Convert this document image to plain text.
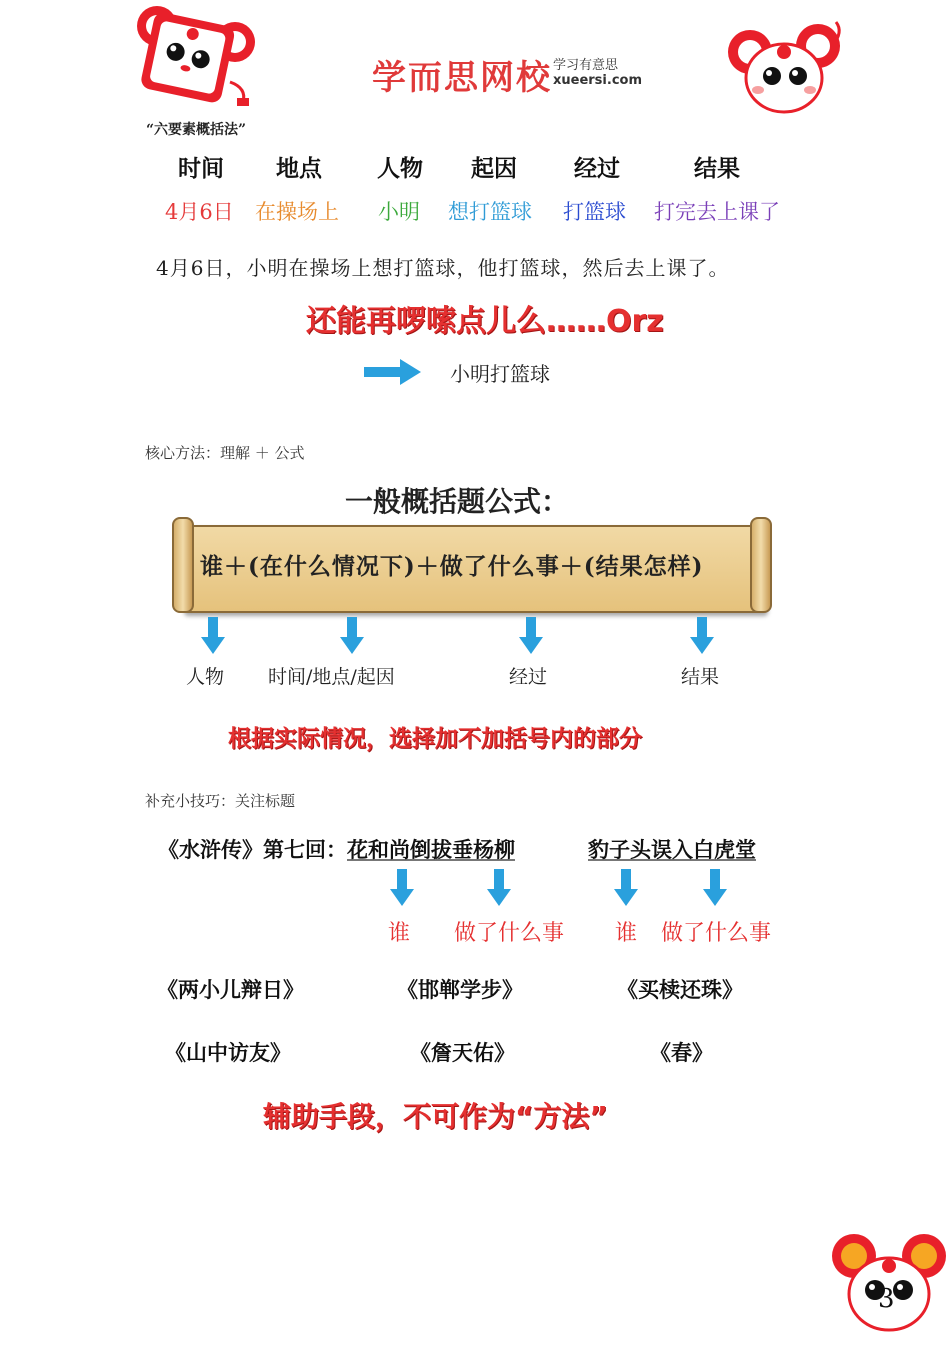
学而思网校 学习有意思
xueersi.com
“六要素概括法”
时间 地点 人物 起因 经过	结果
4月6日 在操场上 小明 想打篮球 打篮球 打完去上课了
4月6日，小明在操场上想打篮球，他打篮球，然后去上课了。
还能再啰嗦点儿么……Orz
小明打篮球
核心方法：理解 ＋ 公式
一般概括题公式：
谁＋(在什么情况下)＋做了什么事＋(结果怎样)
人物 时间/地点/起因	经过	结果
根据实际情况，选择加不加括号内的部分
补充小技巧：关注标题
《水浒传》第七回：花和尚倒拔垂杨柳	豹子头误入白虎堂
谁 做了什么事 谁 做了什么事
《两小儿辩日》	《邯郸学步》	《买椟还珠》
《山中访友》	《詹天佑》	《春》
辅助手段，不可作为“方法”
3
